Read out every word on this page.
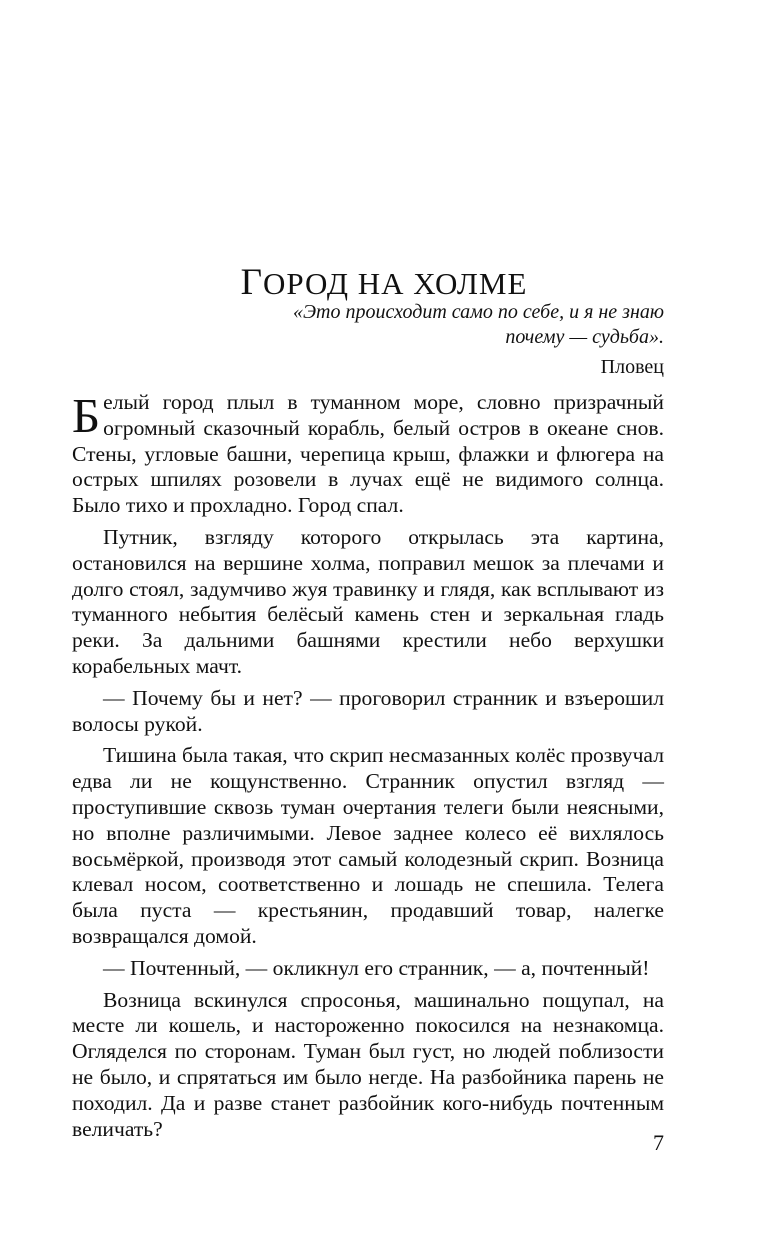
ГОРОД НА ХОЛМЕ
«Это происходит само по себе, и я не знаю почему — судьба».
Пловец

Белый город плыл в туманном море, словно призрачный огромный сказочный корабль, белый остров в океане снов. Стены, угловые башни, черепица крыш, флажки и флюгера на острых шпилях розовели в лучах ещё не видимого солнца. Было тихо и прохладно. Город спал.

Путник, взгляду которого открылась эта картина, остановился на вершине холма, поправил мешок за плечами и долго стоял, задумчиво жуя травинку и глядя, как всплывают из туманного небытия белёсый камень стен и зеркальная гладь реки. За дальними башнями крестили небо верхушки корабельных мачт.

— Почему бы и нет? — проговорил странник и взъерошил волосы рукой.

Тишина была такая, что скрип несмазанных колёс прозвучал едва ли не кощунственно. Странник опустил взгляд — проступившие сквозь туман очертания телеги были неясными, но вполне различимыми. Левое заднее колесо её вихлялось восьмёркой, производя этот самый колодезный скрип. Возница клевал носом, соответственно и лошадь не спешила. Телега была пуста — крестьянин, продавший товар, налегке возвращался домой.

— Почтенный, — окликнул его странник, — а, почтенный!

Возница вскинулся спросонья, машинально пощупал, на месте ли кошель, и настороженно покосился на незнакомца. Огляделся по сторонам. Туман был густ, но людей поблизости не было, и спрятаться им было негде. На разбойника парень не походил. Да и разве станет разбойник кого-нибудь почтенным величать?

7
